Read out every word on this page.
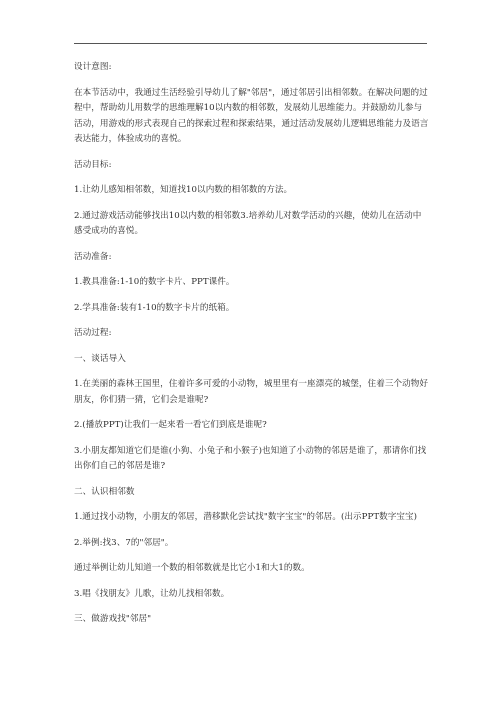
设计意图:

在本节活动中，我通过生活经验引导幼儿了解"邻居"，通过邻居引出相邻数。在解决问题的过程中，帮助幼儿用数学的思维理解10以内数的相邻数，发展幼儿思维能力。并鼓励幼儿参与活动，用游戏的形式表现自己的探索过程和探索结果，通过活动发展幼儿逻辑思维能力及语言表达能力，体验成功的喜悦。

活动目标:

1.让幼儿感知相邻数，知道找10以内数的相邻数的方法。

2.通过游戏活动能够找出10以内数的相邻数3.培养幼儿对数学活动的兴趣，使幼儿在活动中感受成功的喜悦。

活动准备:

1.教具准备:1-10的数字卡片、PPT课件。

2.学具准备:装有1-10的数字卡片的纸箱。

活动过程:

一、谈话导入

1.在美丽的森林王国里，住着许多可爱的小动物，城里里有一座漂亮的城堡，住着三个动物好朋友，你们猜一猜，它们会是谁呢?

2.(播放PPT)让我们一起来看一看它们到底是谁呢?

3.小朋友都知道它们是谁(小狗、小兔子和小猴子)也知道了小动物的邻居是谁了，那请你们找出你们自己的邻居是谁?

二、认识相邻数

1.通过找小动物，小朋友的邻居，潜移默化尝试找"数字宝宝"的邻居。(出示PPT数字宝宝)

2.举例:找3、7的"邻居"。

通过举例让幼儿知道一个数的相邻数就是比它小1和大1的数。

3.唱《找朋友》儿歌，让幼儿找相邻数。

三、做游戏找"邻居"
